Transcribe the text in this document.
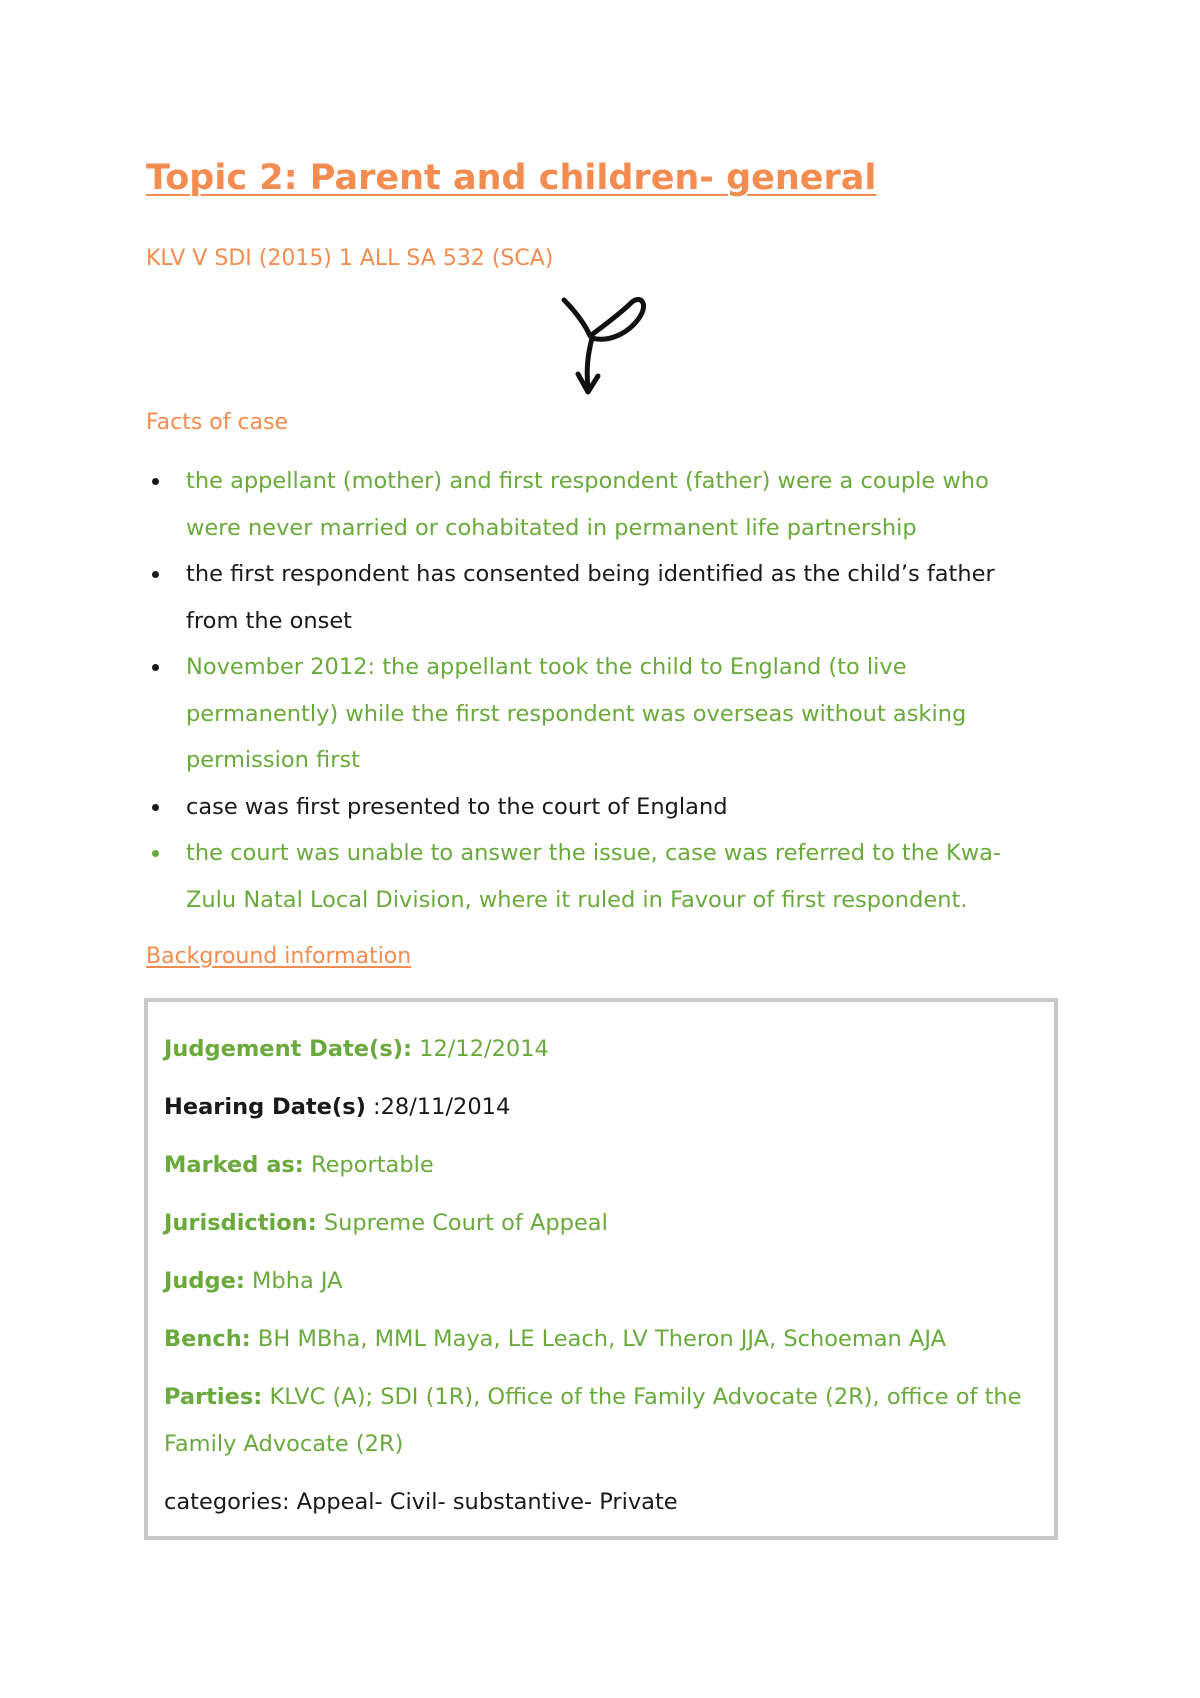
Topic 2: Parent and children- general
KLV V SDI (2015) 1 ALL SA 532 (SCA)
Facts of case
the appellant (mother) and first respondent (father) were a couple who were never married or cohabitated in permanent life partnership
the first respondent has consented being identified as the child’s father from the onset
November 2012: the appellant took the child to England (to live permanently) while the first respondent was overseas without asking permission first
case was first presented to the court of England
the court was unable to answer the issue, case was referred to the Kwa-Zulu Natal Local Division, where it ruled in Favour of first respondent.
Background information
Judgement Date(s): 12/12/2014
Hearing Date(s) :28/11/2014
Marked as: Reportable
Jurisdiction: Supreme Court of Appeal
Judge: Mbha JA
Bench: BH MBha, MML Maya, LE Leach, LV Theron JJA, Schoeman AJA
Parties: KLVC (A); SDI (1R), Office of the Family Advocate (2R), office of the Family Advocate (2R)
categories: Appeal- Civil- substantive- Private
